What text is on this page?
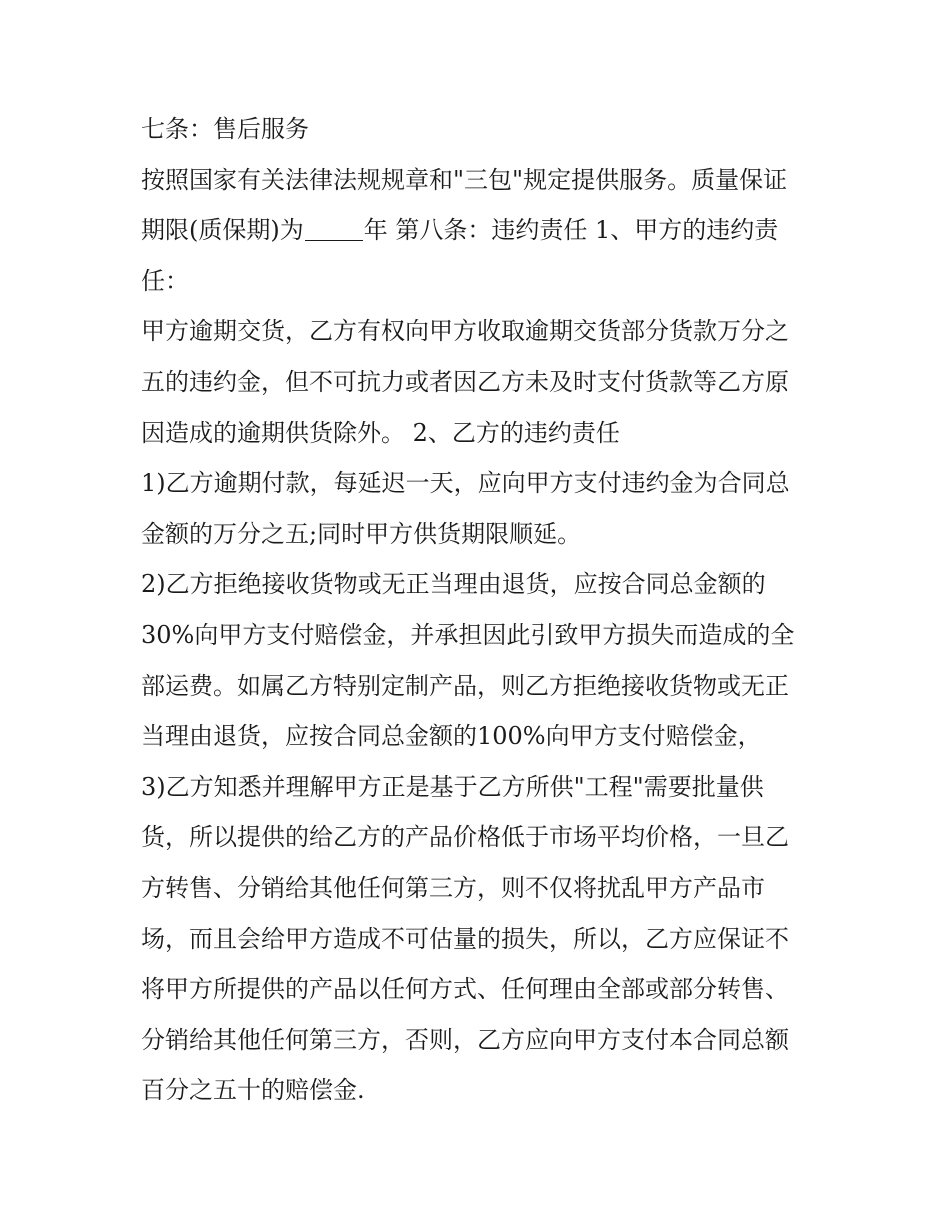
七条：售后服务
按照国家有关法律法规规章和"三包"规定提供服务。质量保证
期限(质保期)为	年 第八条：违约责任 1、甲方的违约责
任：
甲方逾期交货，乙方有权向甲方收取逾期交货部分货款万分之
五的违约金，但不可抗力或者因乙方未及时支付货款等乙方原
因造成的逾期供货除外。 2、乙方的违约责任
1)乙方逾期付款，每延迟一天，应向甲方支付违约金为合同总
金额的万分之五;同时甲方供货期限顺延。
2)乙方拒绝接收货物或无正当理由退货，应按合同总金额的
30%向甲方支付赔偿金，并承担因此引致甲方损失而造成的全
部运费。如属乙方特别定制产品，则乙方拒绝接收货物或无正
当理由退货，应按合同总金额的100%向甲方支付赔偿金，
3)乙方知悉并理解甲方正是基于乙方所供"工程"需要批量供
货，所以提供的给乙方的产品价格低于市场平均价格，一旦乙
方转售、分销给其他任何第三方，则不仅将扰乱甲方产品市
场，而且会给甲方造成不可估量的损失，所以，乙方应保证不
将甲方所提供的产品以任何方式、任何理由全部或部分转售、
分销给其他任何第三方，否则，乙方应向甲方支付本合同总额
百分之五十的赔偿金.
